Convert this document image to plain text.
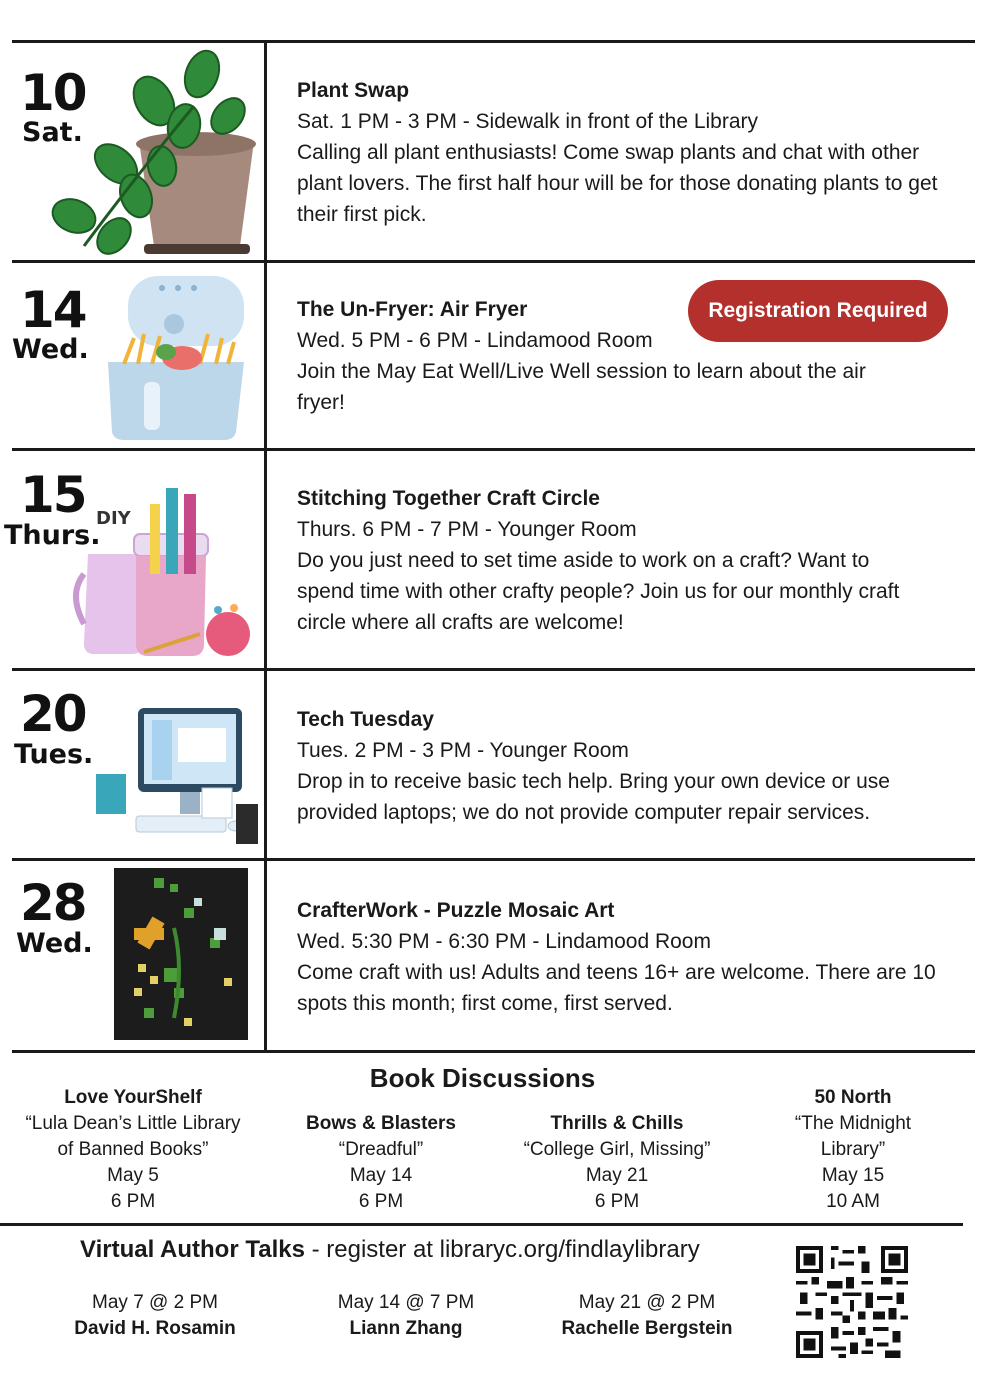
10
Sat.
Plant Swap
Sat. 1 PM - 3 PM - Sidewalk in front of the Library
Calling all plant enthusiasts! Come swap plants and chat with other plant lovers. The first half hour will be for those donating plants to get their first pick.
14
Wed.
The Un-Fryer: Air Fryer
Wed. 5 PM - 6 PM - Lindamood Room
Join the May Eat Well/Live Well session to learn about the air fryer!
Registration Required
15
Thurs.
DIY
Stitching Together Craft Circle
Thurs. 6 PM - 7 PM - Younger Room
Do you just need to set time aside to work on a craft? Want to spend time with other crafty people? Join us for our monthly craft circle where all crafts are welcome!
20
Tues.
Tech Tuesday
Tues. 2 PM - 3 PM - Younger Room
Drop in to receive basic tech help. Bring your own device or use provided laptops; we do not provide computer repair services.
28
Wed.
CrafterWork - Puzzle Mosaic Art
Wed. 5:30 PM - 6:30 PM - Lindamood Room
Come craft with us! Adults and teens 16+ are welcome. There are 10 spots this month; first come, first served.
Book Discussions
Love YourShelf
“Lula Dean’s Little Library
of Banned Books”
May 5
6 PM
Bows & Blasters
“Dreadful”
May 14
6 PM
Thrills & Chills
“College Girl, Missing”
May 21
6 PM
50 North
“The Midnight
Library”
May 15
10 AM
Virtual Author Talks - register at libraryc.org/findlaylibrary
May 7 @ 2 PM
David H. Rosamin
May 14 @ 7 PM
Liann Zhang
May 21 @ 2 PM
Rachelle Bergstein
